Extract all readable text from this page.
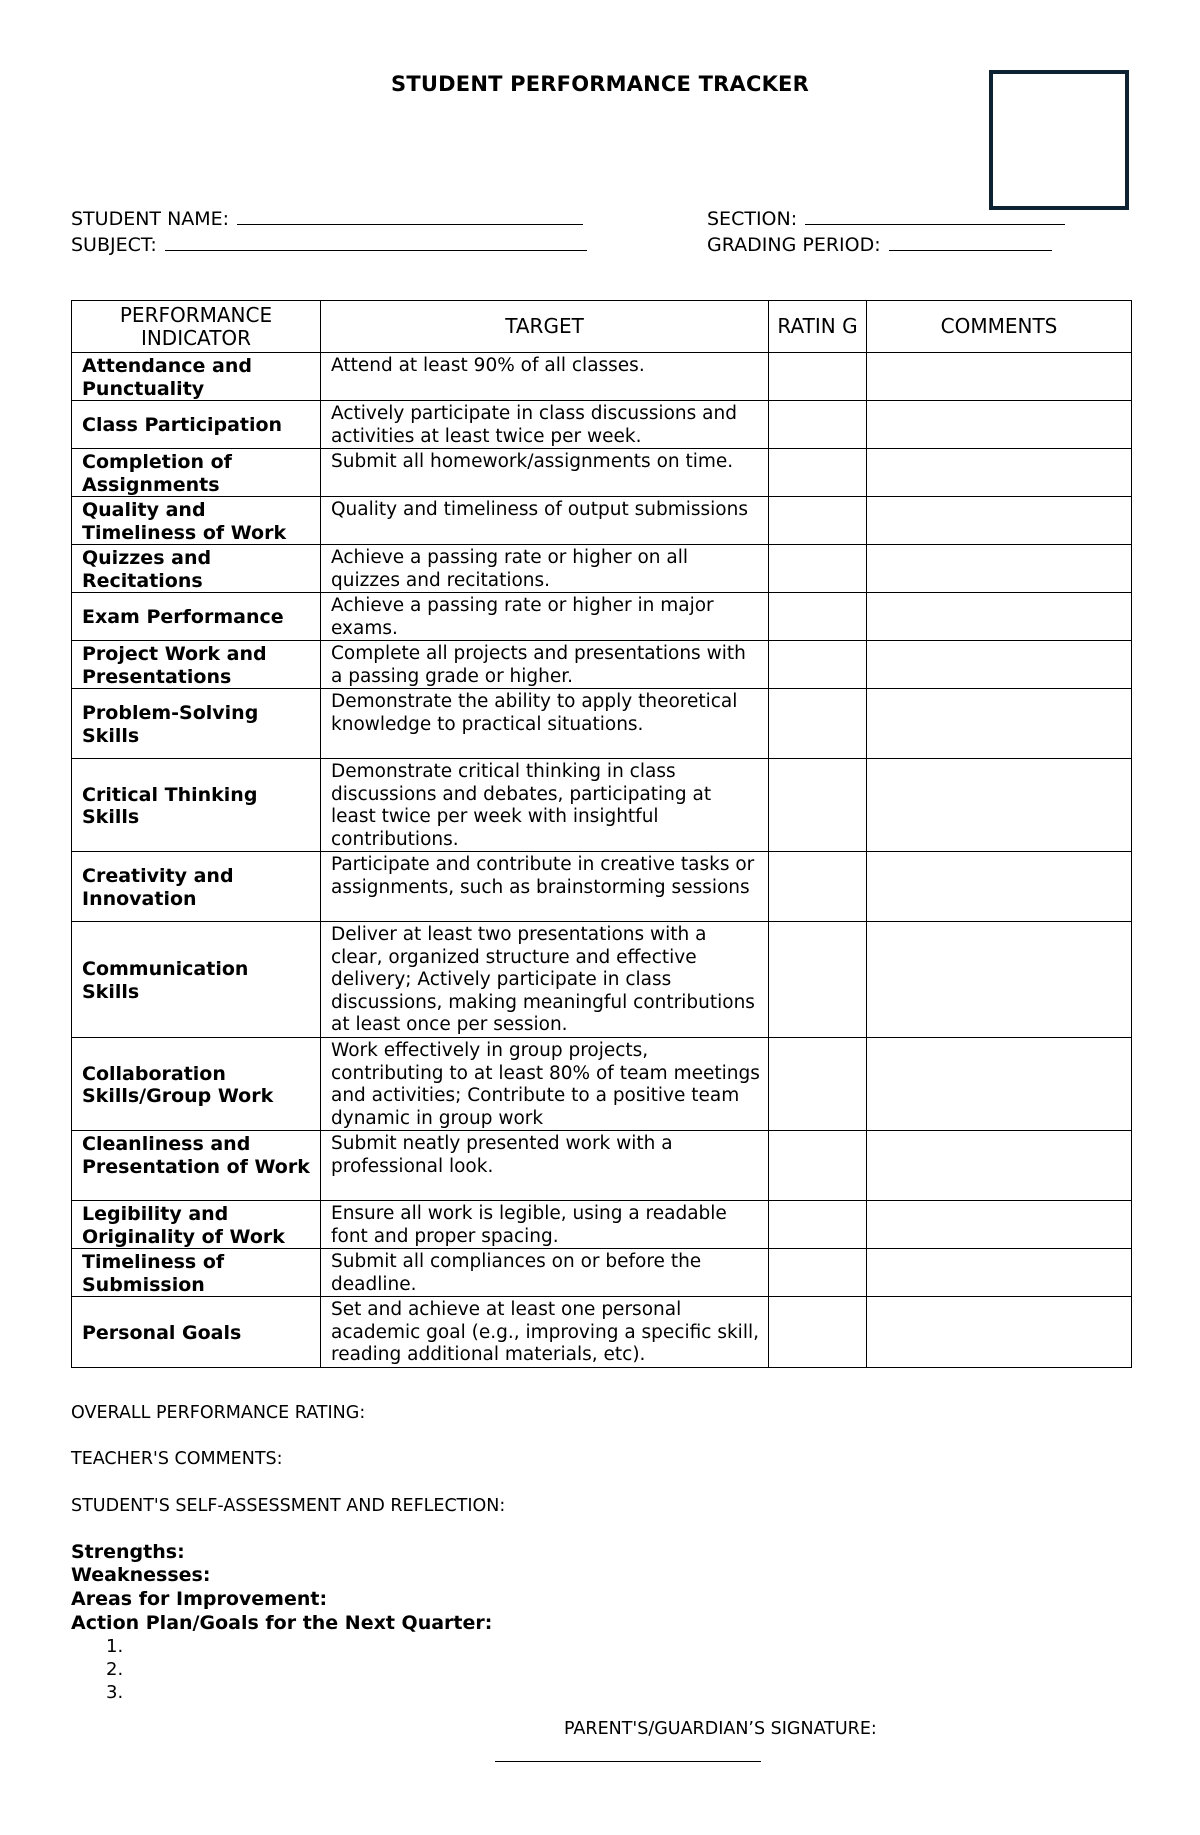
STUDENT PERFORMANCE TRACKER
STUDENT NAME:
SUBJECT:
SECTION:
GRADING PERIOD:
PERFORMANCE INDICATOR	TARGET	RATIN G	COMMENTS
Attendance and Punctuality	Attend at least 90% of all classes.		
Class Participation	Actively participate in class discussions and activities at least twice per week.		
Completion of Assignments	Submit all homework/assignments on time.		
Quality and Timeliness of Work	Quality and timeliness of output submissions		
Quizzes and Recitations	Achieve a passing rate or higher on all quizzes and recitations.		
Exam Performance	Achieve a passing rate or higher in major exams.		
Project Work and Presentations	Complete all projects and presentations with a passing grade or higher.		
Problem-Solving Skills	Demonstrate the ability to apply theoretical knowledge to practical situations.		
Critical Thinking Skills	Demonstrate critical thinking in class discussions and debates, participating at least twice per week with insightful contributions.		
Creativity and Innovation	Participate and contribute in creative tasks or assignments, such as brainstorming sessions		
Communication Skills	Deliver at least two presentations with a clear, organized structure and effective delivery; Actively participate in class discussions, making meaningful contributions at least once per session.		
Collaboration Skills/Group Work	Work effectively in group projects, contributing to at least 80% of team meetings and activities; Contribute to a positive team dynamic in group work		
Cleanliness and Presentation of Work	Submit neatly presented work with a professional look.		
Legibility and Originality of Work	Ensure all work is legible, using a readable font and proper spacing.		
Timeliness of Submission	Submit all compliances on or before the deadline.		
Personal Goals	Set and achieve at least one personal academic goal (e.g., improving a specific skill, reading additional materials, etc).		
OVERALL PERFORMANCE RATING:
TEACHER'S COMMENTS:
STUDENT'S SELF-ASSESSMENT AND REFLECTION:
Strengths:
Weaknesses:
Areas for Improvement:
Action Plan/Goals for the Next Quarter:
1.
2.
3.
PARENT'S/GUARDIAN’S SIGNATURE:
